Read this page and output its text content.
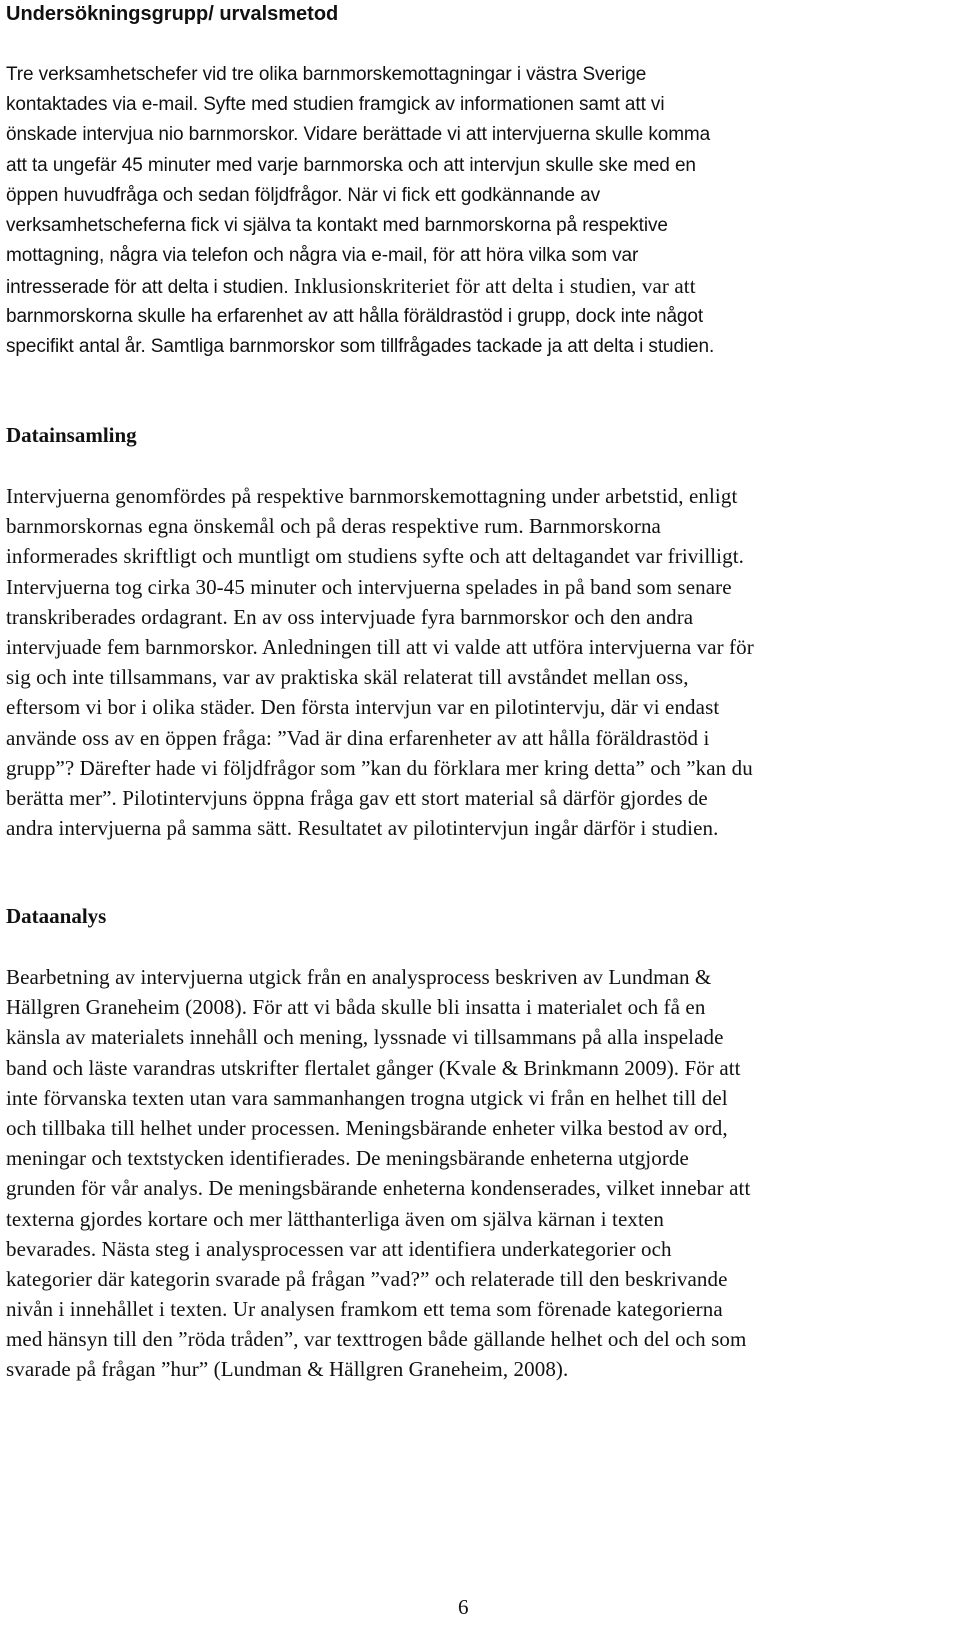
Undersökningsgrupp/ urvalsmetod
Tre verksamhetschefer vid tre olika barnmorskemottagningar i västra Sverige
kontaktades via e-mail. Syfte med studien framgick av informationen samt att vi
önskade intervjua nio barnmorskor. Vidare berättade vi att intervjuerna skulle komma
att ta ungefär 45 minuter med varje barnmorska och att intervjun skulle ske med en
öppen huvudfråga och sedan följdfrågor. När vi fick ett godkännande av
verksamhetscheferna fick vi själva ta kontakt med barnmorskorna på respektive
mottagning, några via telefon och några via e-mail, för att höra vilka som var
intresserade för att delta i studien. Inklusionskriteriet för att delta i studien, var att
barnmorskorna skulle ha erfarenhet av att hålla föräldrastöd i grupp, dock inte något
specifikt antal år. Samtliga barnmorskor som tillfrågades tackade ja att delta i studien.
Datainsamling
Intervjuerna genomfördes på respektive barnmorskemottagning under arbetstid, enligt
barnmorskornas egna önskemål och på deras respektive rum. Barnmorskorna
informerades skriftligt och muntligt om studiens syfte och att deltagandet var frivilligt.
Intervjuerna tog cirka 30-45 minuter och intervjuerna spelades in på band som senare
transkriberades ordagrant. En av oss intervjuade fyra barnmorskor och den andra
intervjuade fem barnmorskor. Anledningen till att vi valde att utföra intervjuerna var för
sig och inte tillsammans, var av praktiska skäl relaterat till avståndet mellan oss,
eftersom vi bor i olika städer. Den första intervjun var en pilotintervju, där vi endast
använde oss av en öppen fråga: ”Vad är dina erfarenheter av att hålla föräldrastöd i
grupp”? Därefter hade vi följdfrågor som ”kan du förklara mer kring detta” och ”kan du
berätta mer”. Pilotintervjuns öppna fråga gav ett stort material så därför gjordes de
andra intervjuerna på samma sätt. Resultatet av pilotintervjun ingår därför i studien.
Dataanalys
Bearbetning av intervjuerna utgick från en analysprocess beskriven av Lundman &
Hällgren Graneheim (2008). För att vi båda skulle bli insatta i materialet och få en
känsla av materialets innehåll och mening, lyssnade vi tillsammans på alla inspelade
band och läste varandras utskrifter flertalet gånger (Kvale & Brinkmann 2009). För att
inte förvanska texten utan vara sammanhangen trogna utgick vi från en helhet till del
och tillbaka till helhet under processen. Meningsbärande enheter vilka bestod av ord,
meningar och textstycken identifierades. De meningsbärande enheterna utgjorde
grunden för vår analys. De meningsbärande enheterna kondenserades, vilket innebar att
texterna gjordes kortare och mer lätthanterliga även om själva kärnan i texten
bevarades. Nästa steg i analysprocessen var att identifiera underkategorier och
kategorier där kategorin svarade på frågan ”vad?” och relaterade till den beskrivande
nivån i innehållet i texten. Ur analysen framkom ett tema som förenade kategorierna
med hänsyn till den ”röda tråden”, var texttrogen både gällande helhet och del och som
svarade på frågan ”hur” (Lundman & Hällgren Graneheim, 2008).
6
